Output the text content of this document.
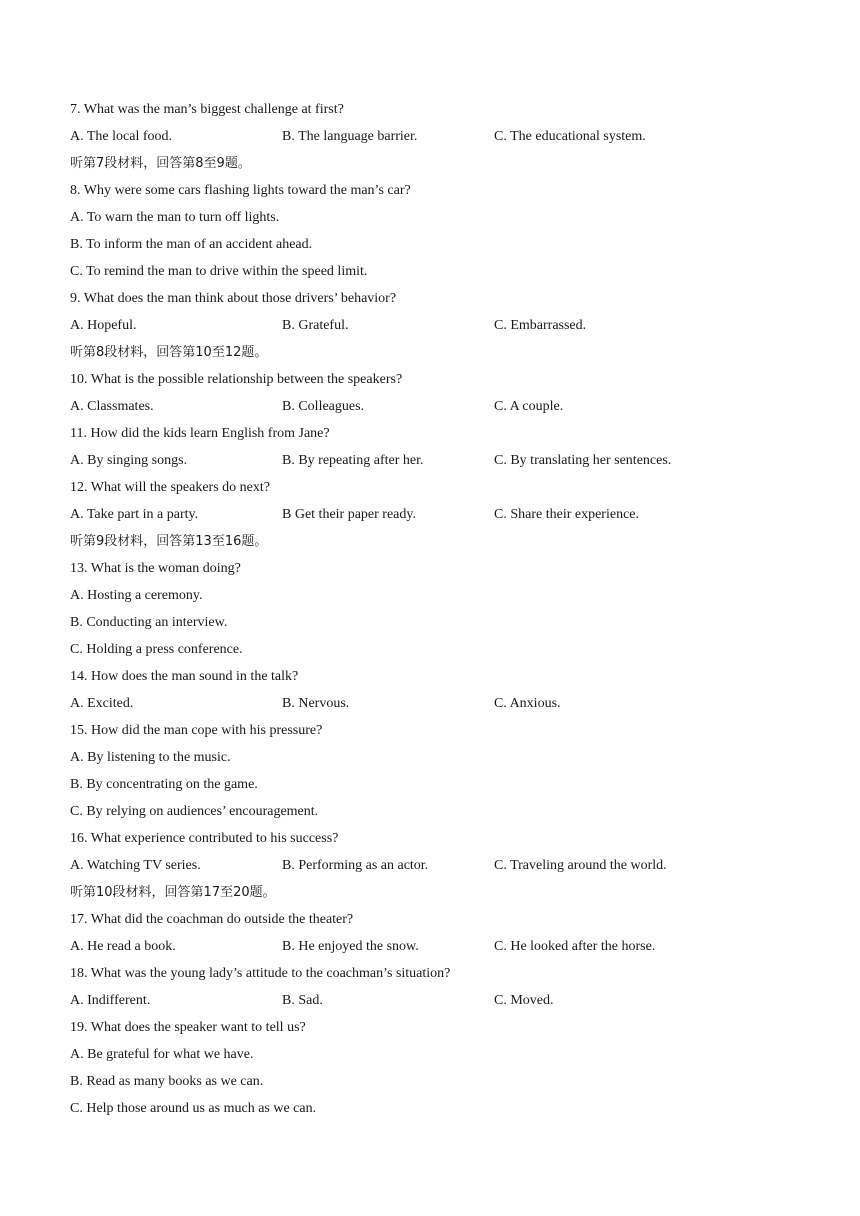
7. What was the man’s biggest challenge at first?
A. The local food.	B. The language barrier.	C. The educational system.
听第7段材料，回答第8至9题。
8. Why were some cars flashing lights toward the man’s car?
A. To warn the man to turn off lights.
B. To inform the man of an accident ahead.
C. To remind the man to drive within the speed limit.
9. What does the man think about those drivers’ behavior?
A. Hopeful.	B. Grateful.	C. Embarrassed.
听第8段材料，回答第10至12题。
10. What is the possible relationship between the speakers?
A. Classmates.	B. Colleagues.	C. A couple.
11. How did the kids learn English from Jane?
A. By singing songs.	B. By repeating after her.	C. By translating her sentences.
12. What will the speakers do next?
A. Take part in a party.	B Get their paper ready.	C. Share their experience.
听第9段材料，回答第13至16题。
13. What is the woman doing?
A. Hosting a ceremony.
B. Conducting an interview.
C. Holding a press conference.
14. How does the man sound in the talk?
A. Excited.	B. Nervous.	C. Anxious.
15. How did the man cope with his pressure?
A. By listening to the music.
B. By concentrating on the game.
C. By relying on audiences’ encouragement.
16. What experience contributed to his success?
A. Watching TV series.	B. Performing as an actor.	C. Traveling around the world.
听第10段材料，回答第17至20题。
17. What did the coachman do outside the theater?
A. He read a book.	B. He enjoyed the snow.	C. He looked after the horse.
18. What was the young lady’s attitude to the coachman’s situation?
A. Indifferent.	B. Sad.	C. Moved.
19. What does the speaker want to tell us?
A. Be grateful for what we have.
B. Read as many books as we can.
C. Help those around us as much as we can.
